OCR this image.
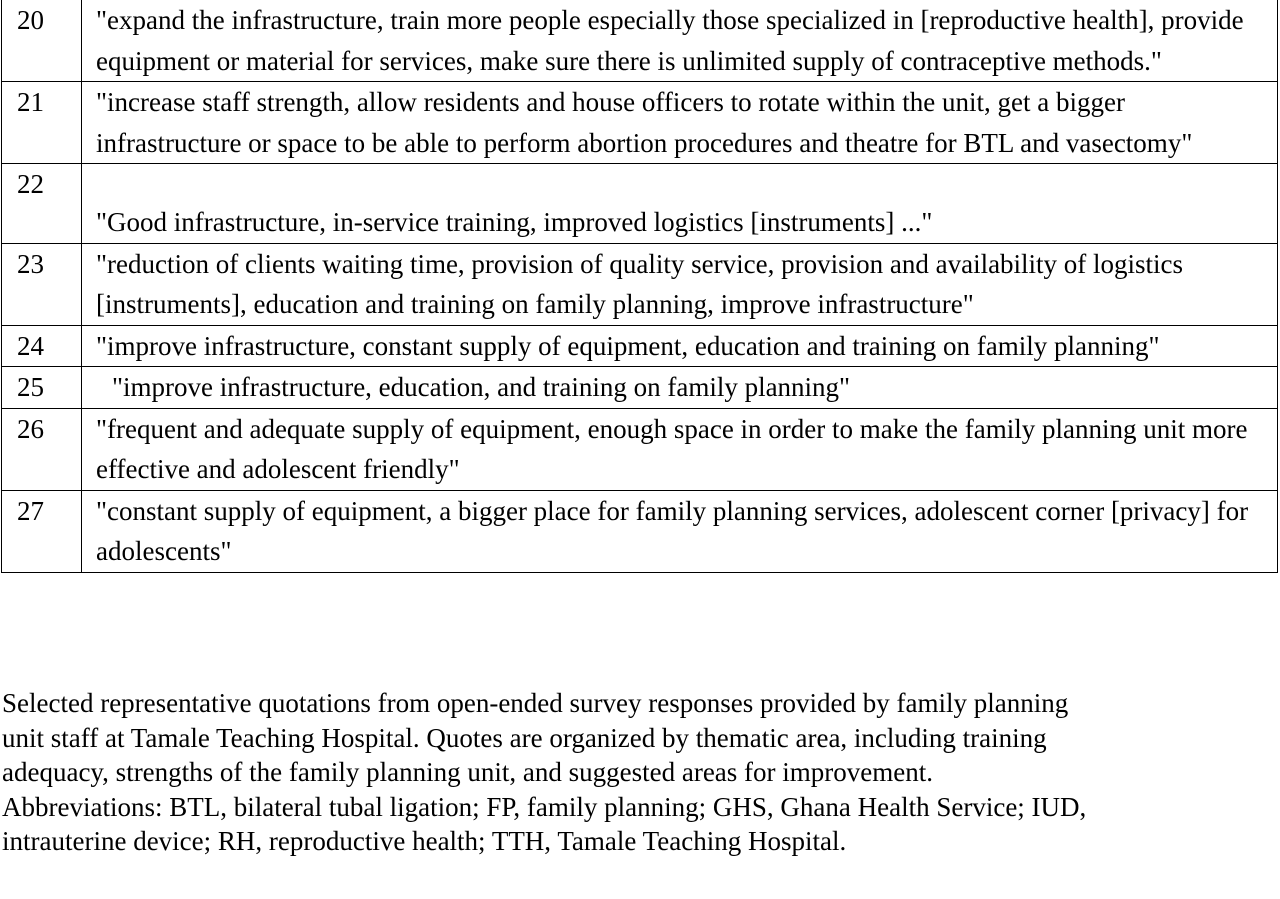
20	"expand the infrastructure, train more people especially those specialized in [reproductive health], provide equipment or material for services, make sure there is unlimited supply of contraceptive methods."
21	"increase staff strength, allow residents and house officers to rotate within the unit, get a bigger infrastructure or space to be able to perform abortion procedures and theatre for BTL and vasectomy"
22	"Good infrastructure, in-service training, improved logistics [instruments] ..."
23	"reduction of clients waiting time, provision of quality service, provision and availability of logistics [instruments], education and training on family planning, improve infrastructure"
24	"improve infrastructure, constant supply of equipment, education and training on family planning"
25	"improve infrastructure, education, and training on family planning"
26	"frequent and adequate supply of equipment, enough space in order to make the family planning unit more effective and adolescent friendly"
27	"constant supply of equipment, a bigger place for family planning services, adolescent corner [privacy] for adolescents"

Selected representative quotations from open-ended survey responses provided by family planning unit staff at Tamale Teaching Hospital. Quotes are organized by thematic area, including training adequacy, strengths of the family planning unit, and suggested areas for improvement.

Abbreviations: BTL, bilateral tubal ligation; FP, family planning; GHS, Ghana Health Service; IUD, intrauterine device; RH, reproductive health; TTH, Tamale Teaching Hospital.
